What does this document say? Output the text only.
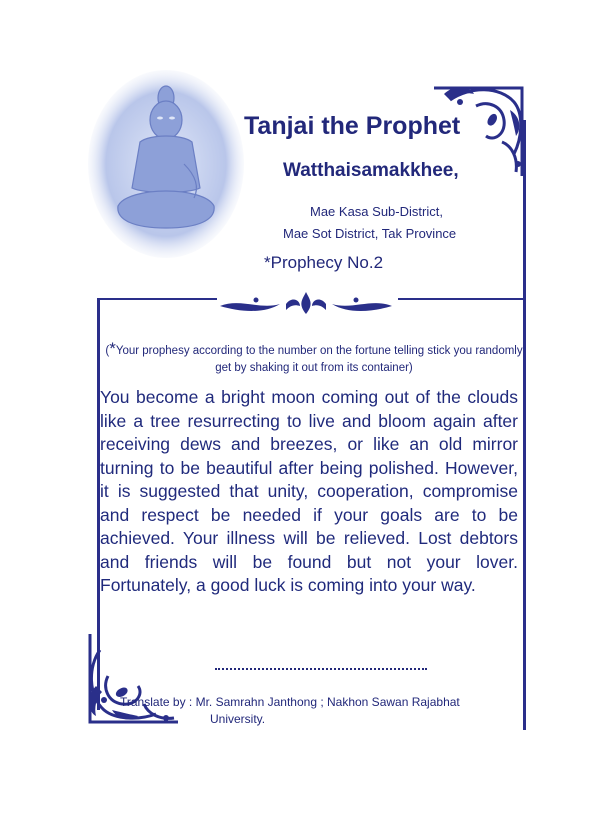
Tanjai the Prophet
Watthaisamakkhee,
Mae Kasa Sub-District,
Mae Sot District, Tak Province
*Prophecy No.2
(*Your prophesy according to the number on the fortune telling stick you randomly get by shaking it out from its container)
You become a bright moon coming out of the clouds like a tree resurrecting to live and bloom again after receiving dews and breezes, or like an old mirror turning to be beautiful after being polished. However, it is suggested that unity, cooperation, compromise and respect be needed if your goals are to be achieved. Your illness will be relieved. Lost debtors and friends will be found but not your lover. Fortunately, a good luck is coming into your way.
Translate by : Mr. Samrahn Janthong ; Nakhon Sawan Rajabhat
University.
